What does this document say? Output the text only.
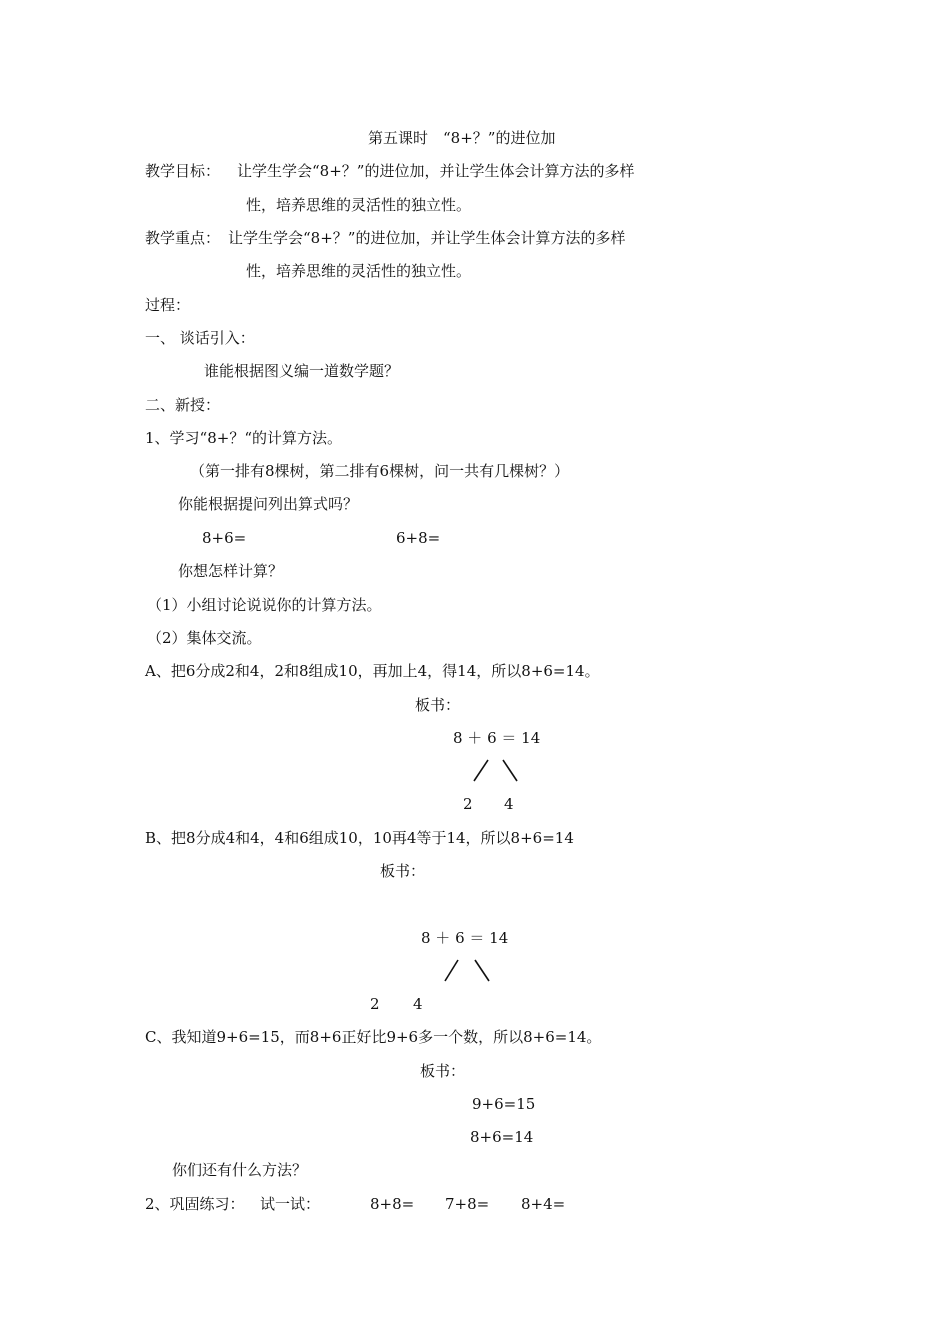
第五课时　“8+？”的进位加
教学目标： 让学生学会“8+？”的进位加，并让学生体会计算方法的多样
性，培养思维的灵活性的独立性。
教学重点： 让学生学会“8+？”的进位加，并让学生体会计算方法的多样
性，培养思维的灵活性的独立性。
过程：
一、 谈话引入：
谁能根据图义编一道数学题？
二、新授：
1、学习“8+？“的计算方法。
（第一排有8棵树，第二排有6棵树，问一共有几棵树？）
你能根据提问列出算式吗？
8+6=	6+8=
你想怎样计算？
（1）小组讨论说说你的计算方法。
（2）集体交流。
A、把6分成2和4，2和8组成10，再加上4，得14，所以8+6=14。
板书：
8 ＋ 6 ＝ 14
2 4
B、把8分成4和4，4和6组成10，10再4等于14，所以8+6=14
板书：
8 ＋ 6 ＝ 14
2 4
C、我知道9+6=15，而8+6正好比9+6多一个数，所以8+6=14。
板书：
9+6=15
8+6=14
你们还有什么方法？
2、巩固练习： 试一试：	8+8= 7+8= 8+4=
